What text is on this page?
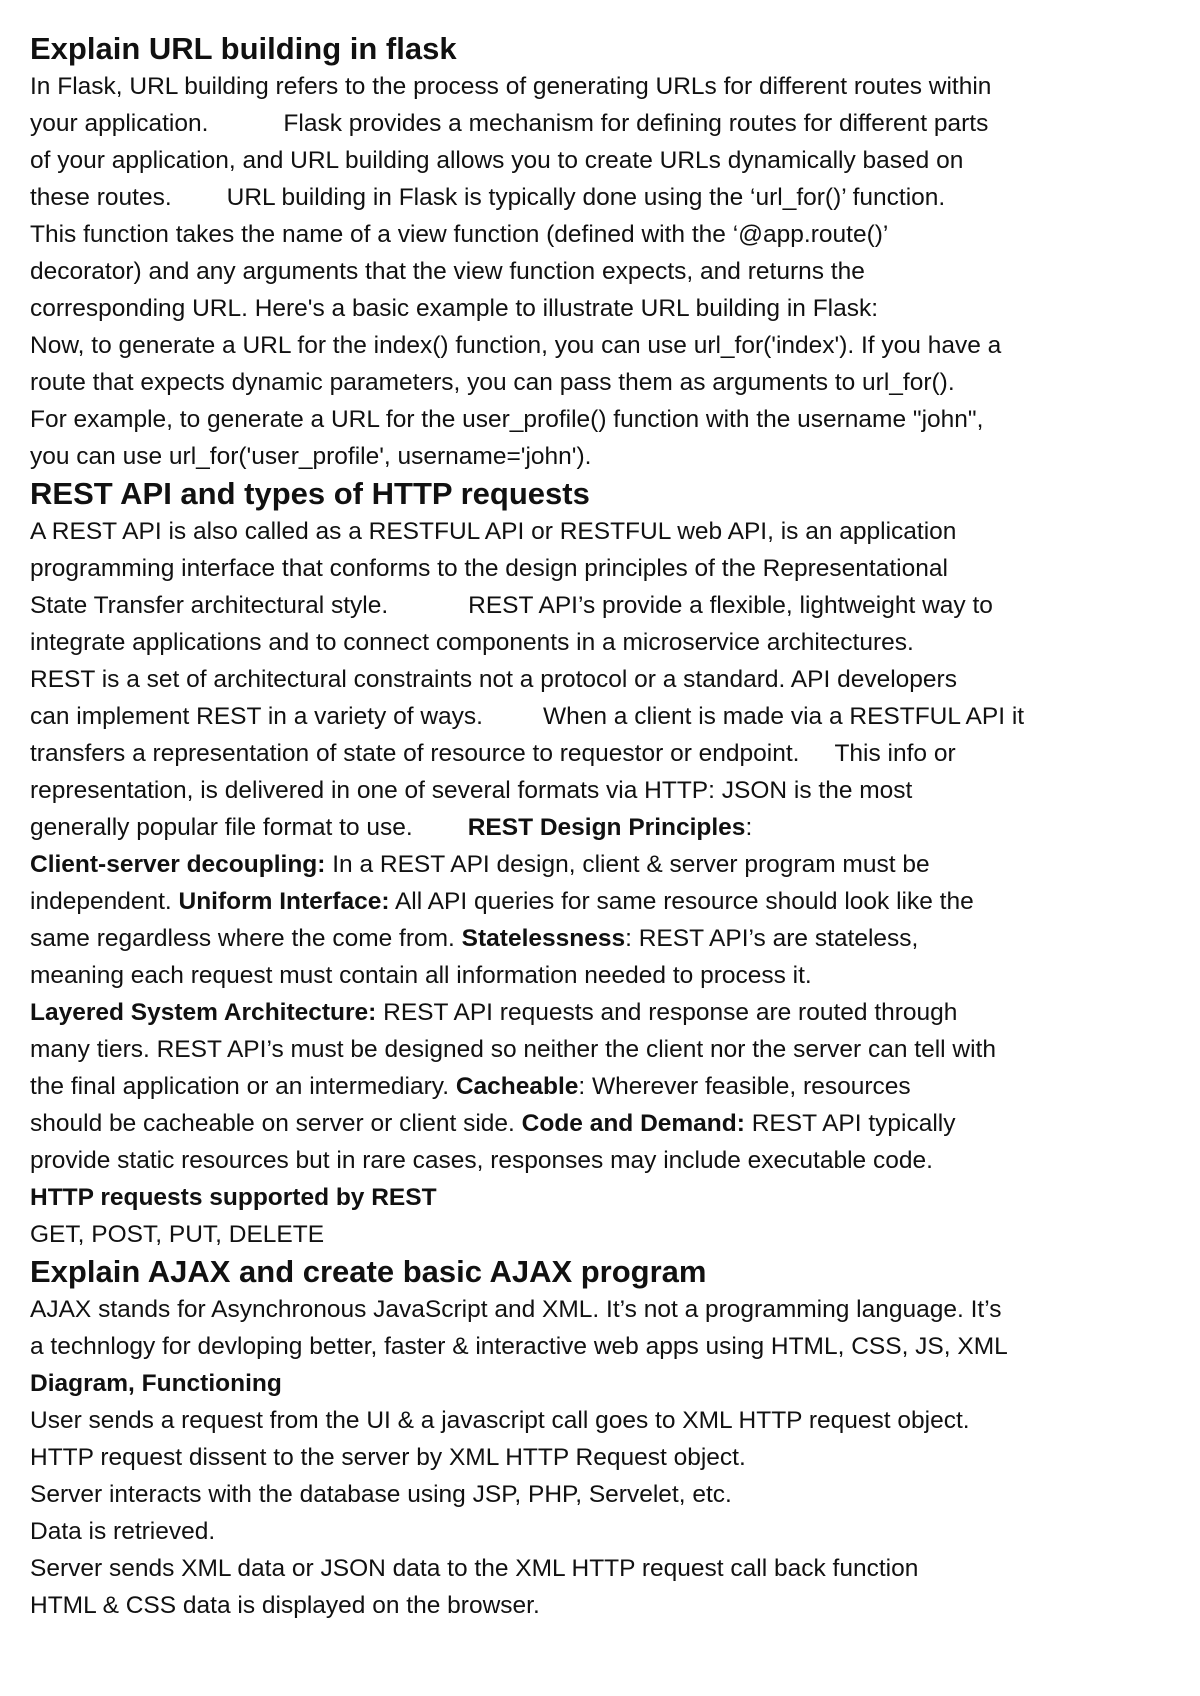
Explain URL building in flask
In Flask, URL building refers to the process of generating URLs for different routes within
your application.	Flask provides a mechanism for defining routes for different parts
of your application, and URL building allows you to create URLs dynamically based on
these routes. URL building in Flask is typically done using the ‘url_for()’ function.
This function takes the name of a view function (defined with the ‘@app.route()’
decorator) and any arguments that the view function expects, and returns the
corresponding URL. Here's a basic example to illustrate URL building in Flask:
Now, to generate a URL for the index() function, you can use url_for('index'). If you have a
route that expects dynamic parameters, you can pass them as arguments to url_for().
For example, to generate a URL for the user_profile() function with the username "john",
you can use url_for('user_profile', username='john').
REST API and types of HTTP requests
A REST API is also called as a RESTFUL API or RESTFUL web API, is an application
programming interface that conforms to the design principles of the Representational
State Transfer architectural style.	REST API’s provide a flexible, lightweight way to
integrate applications and to connect components in a microservice architectures.
REST is a set of architectural constraints not a protocol or a standard. API developers
can implement REST in a variety of ways. When a client is made via a RESTFUL API it
transfers a representation of state of resource to requestor or endpoint. This info or
representation, is delivered in one of several formats via HTTP: JSON is the most
generally popular file format to use. REST Design Principles:
Client-server decoupling: In a REST API design, client & server program must be
independent. Uniform Interface: All API queries for same resource should look like the
same regardless where the come from. Statelessness: REST API’s are stateless,
meaning each request must contain all information needed to process it.
Layered System Architecture: REST API requests and response are routed through
many tiers. REST API’s must be designed so neither the client nor the server can tell with
the final application or an intermediary. Cacheable: Wherever feasible, resources
should be cacheable on server or client side. Code and Demand: REST API typically
provide static resources but in rare cases, responses may include executable code.
HTTP requests supported by REST
GET, POST, PUT, DELETE
Explain AJAX and create basic AJAX program
AJAX stands for Asynchronous JavaScript and XML. It’s not a programming language. It’s
a technlogy for devloping better, faster & interactive web apps using HTML, CSS, JS, XML
Diagram, Functioning
User sends a request from the UI & a javascript call goes to XML HTTP request object.
HTTP request dissent to the server by XML HTTP Request object.
Server interacts with the database using JSP, PHP, Servelet, etc.
Data is retrieved.
Server sends XML data or JSON data to the XML HTTP request call back function
HTML & CSS data is displayed on the browser.
